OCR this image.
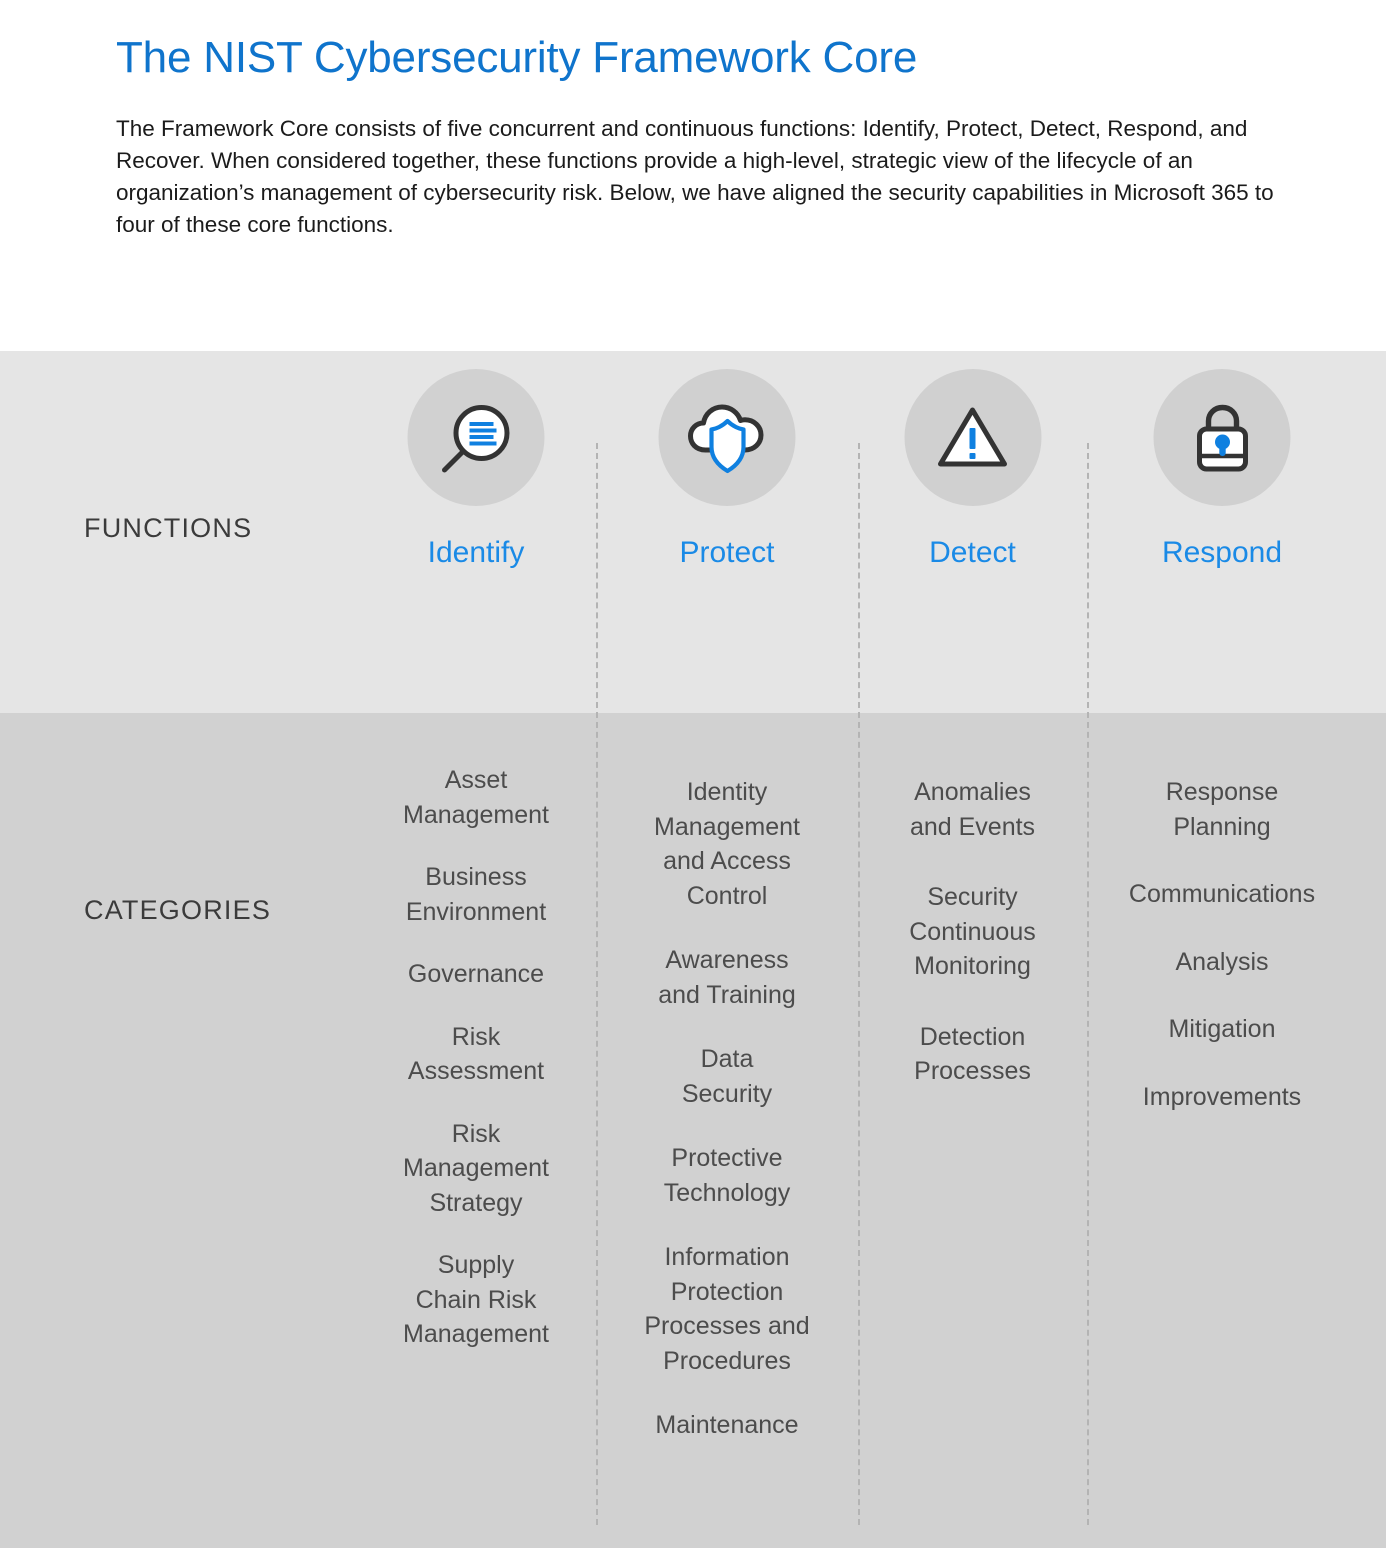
The NIST Cybersecurity Framework Core

The Framework Core consists of five concurrent and continuous functions: Identify, Protect, Detect, Respond, and Recover. When considered together, these functions provide a high-level, strategic view of the lifecycle of an organization’s management of cybersecurity risk. Below, we have aligned the security capabilities in Microsoft 365 to four of these core functions.

FUNCTIONS
CATEGORIES
Identify
Asset
Management
Business
Environment
Governance
Risk
Assessment
Risk
Management
Strategy
Supply
Chain Risk
Management
Protect
Identity
Management
and Access
Control
Awareness
and Training
Data
Security
Protective
Technology
Information
Protection
Processes and
Procedures
Maintenance
Detect
Anomalies
and Events
Security
Continuous
Monitoring
Detection
Processes
Respond
Response
Planning
Communications
Analysis
Mitigation
Improvements
